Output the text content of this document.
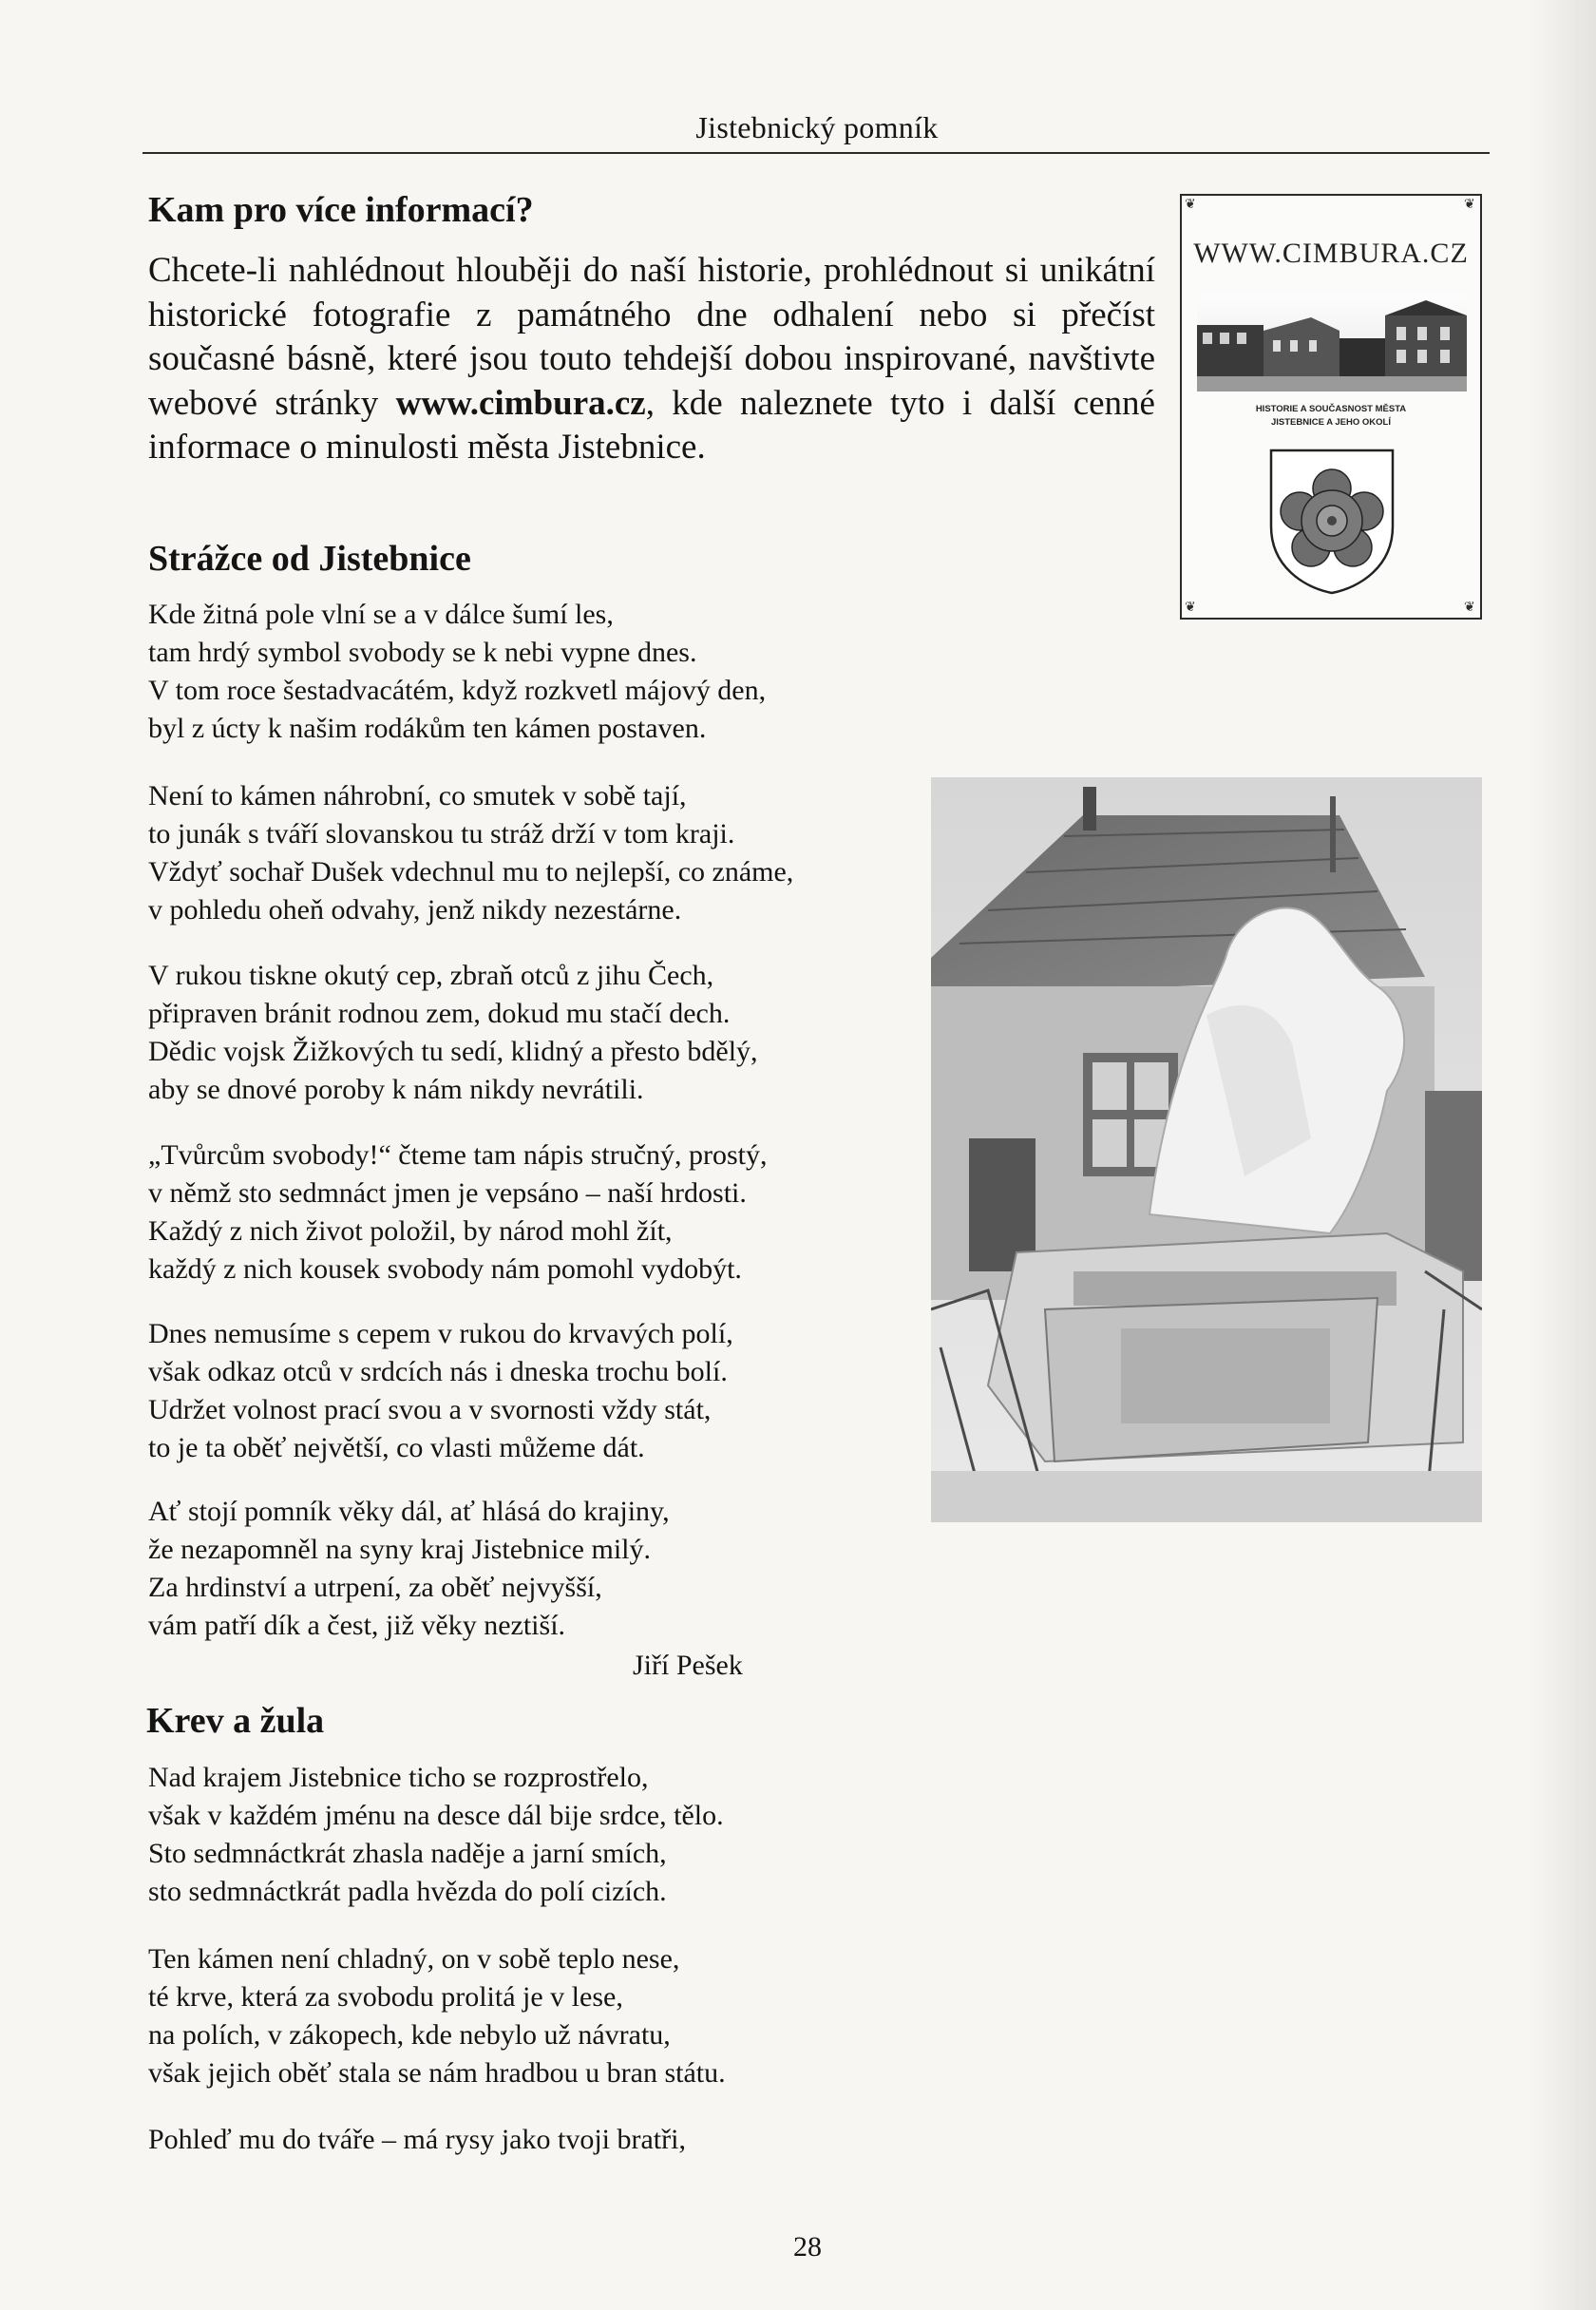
Jistebnický pomník
Kam pro více informací?

Chcete-li nahlédnout hlouběji do naší historie, prohlédnout si unikátní historické fotografie z památného dne odhalení nebo si přečíst současné básně, které jsou touto tehdejší dobou inspirované, navštivte webové stránky www.cimbura.cz, kde naleznete tyto i další cenné informace o minulosti města Jistebnice.

❦	❦
❦	❦
WWW.CIMBURA.CZ
HISTORIE A SOUČASNOST MĚSTA
JISTEBNICE A JEHO OKOLÍ
Strážce od Jistebnice
Kde žitná pole vlní se a v dálce šumí les,
tam hrdý symbol svobody se k nebi vypne dnes.
V tom roce šestadvacátém, když rozkvetl májový den,
byl z úcty k našim rodákům ten kámen postaven.
Není to kámen náhrobní, co smutek v sobě tají,
to junák s tváří slovanskou tu stráž drží v tom kraji.
Vždyť sochař Dušek vdechnul mu to nejlepší, co známe,
v pohledu oheň odvahy, jenž nikdy nezestárne.
V rukou tiskne okutý cep, zbraň otců z jihu Čech,
připraven bránit rodnou zem, dokud mu stačí dech.
Dědic vojsk Žižkových tu sedí, klidný a přesto bdělý,
aby se dnové poroby k nám nikdy nevrátili.
„Tvůrcům svobody!“ čteme tam nápis stručný, prostý,
v němž sto sedmnáct jmen je vepsáno – naší hrdosti.
Každý z nich život položil, by národ mohl žít,
každý z nich kousek svobody nám pomohl vydobýt.
Dnes nemusíme s cepem v rukou do krvavých polí,
však odkaz otců v srdcích nás i dneska trochu bolí.
Udržet volnost prací svou a v svornosti vždy stát,
to je ta oběť největší, co vlasti můžeme dát.
Ať stojí pomník věky dál, ať hlásá do krajiny,
že nezapomněl na syny kraj Jistebnice milý.
Za hrdinství a utrpení, za oběť nejvyšší,
vám patří dík a čest, již věky neztiší.
Jiří Pešek
Krev a žula
Nad krajem Jistebnice ticho se rozprostřelo,
však v každém jménu na desce dál bije srdce, tělo.
Sto sedmnáctkrát zhasla naděje a jarní smích,
sto sedmnáctkrát padla hvězda do polí cizích.
Ten kámen není chladný, on v sobě teplo nese,
té krve, která za svobodu prolitá je v lese,
na polích, v zákopech, kde nebylo už návratu,
však jejich oběť stala se nám hradbou u bran státu.
Pohleď mu do tváře – má rysy jako tvoji bratři,
28
